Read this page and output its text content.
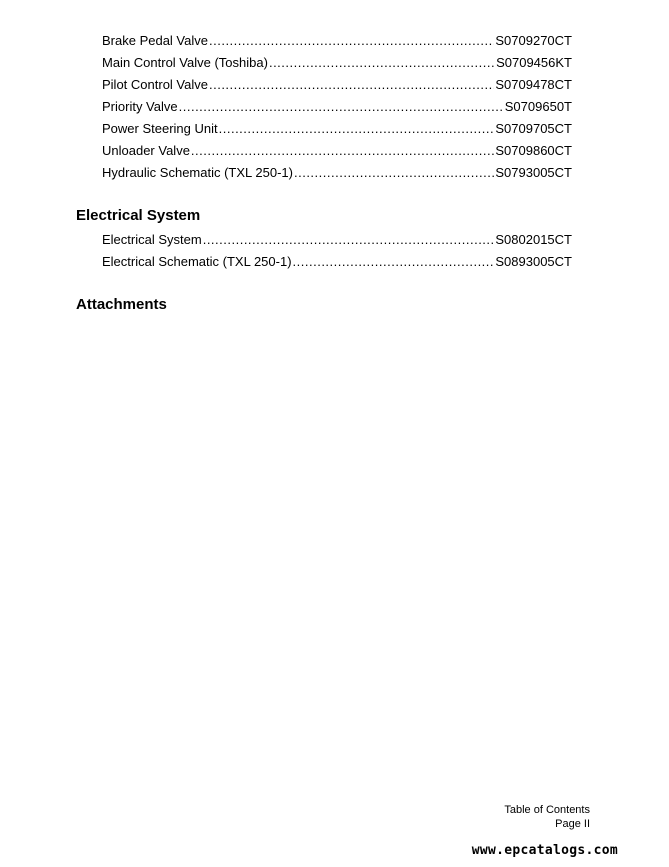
Brake Pedal Valve .....	S0709270CT
Main Control Valve (Toshiba) .....	S0709456KT
Pilot Control Valve .....	S0709478CT
Priority Valve .....	S0709650T
Power Steering Unit .....	S0709705CT
Unloader Valve .....	S0709860CT
Hydraulic Schematic (TXL 250-1) .....	S0793005CT
Electrical System
Electrical System .....	S0802015CT
Electrical Schematic (TXL 250-1) .....	S0893005CT
Attachments
Table of Contents
Page II
www.epcatalogs.com
